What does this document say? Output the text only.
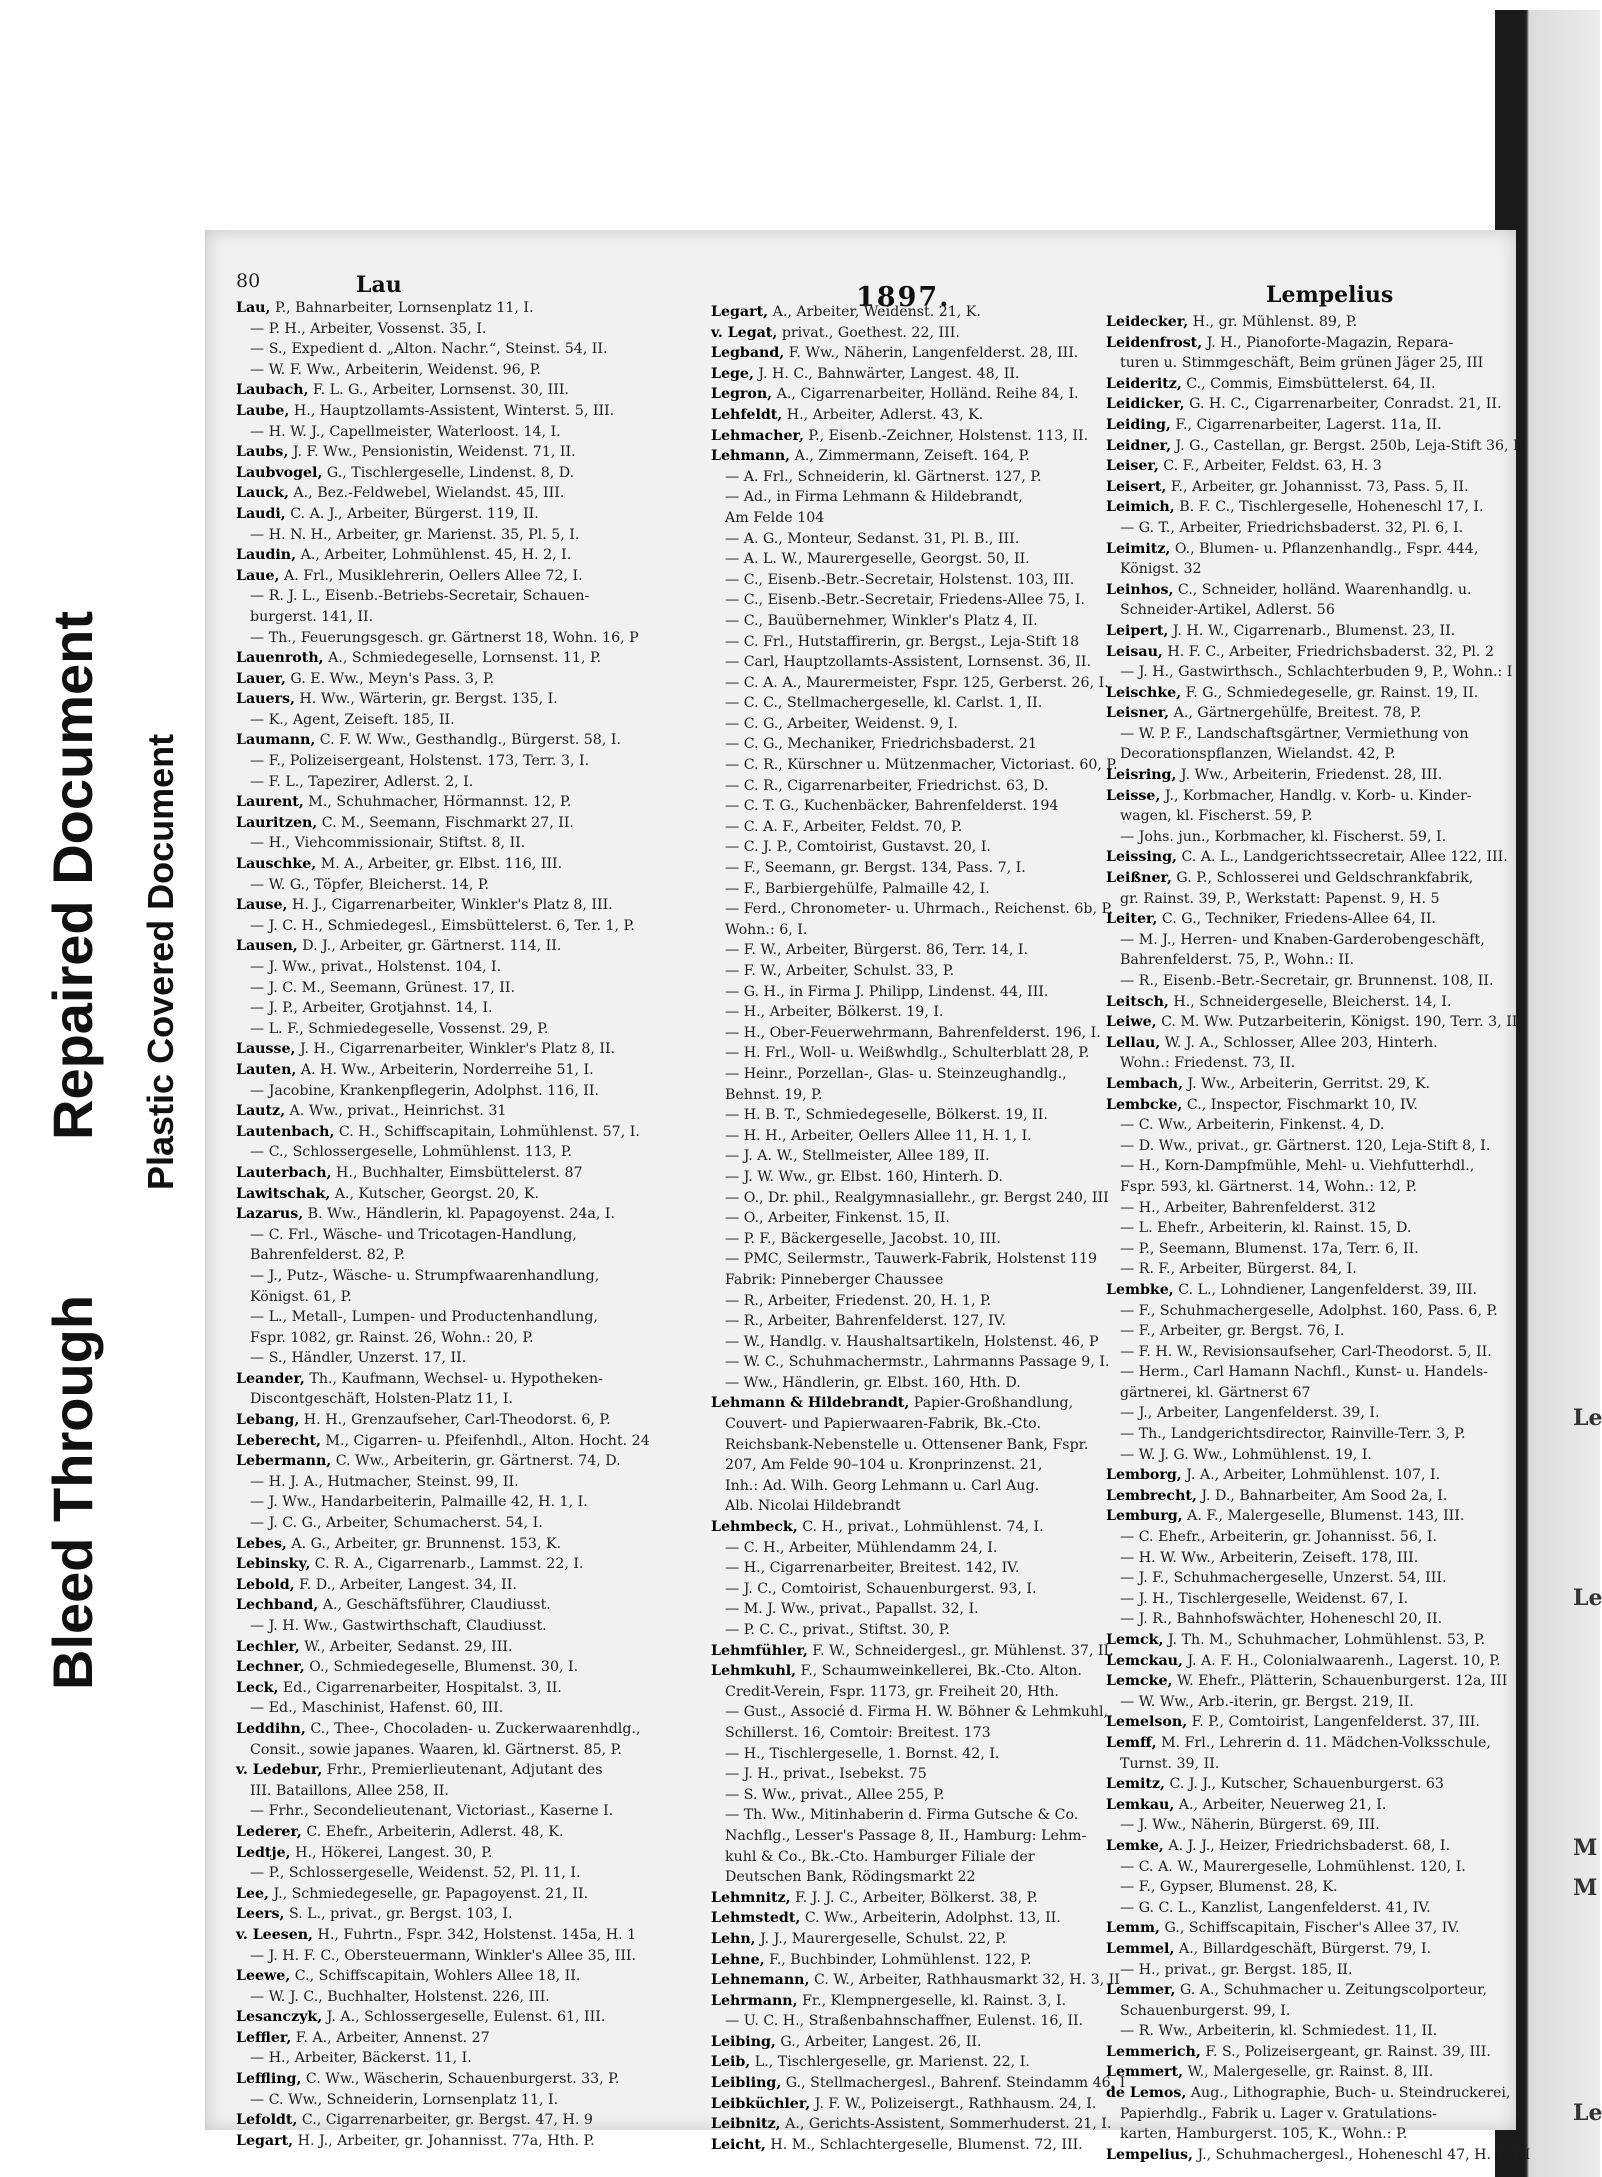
Le
Le
M
M
Le
Bleed Through
Repaired Document Plastic Covered Document
80	Lau	1897.	Lempelius
Lau, P., Bahnarbeiter, Lornsenplatz 11, I.
— P. H., Arbeiter, Vossenst. 35, I.
— S., Expedient d. „Alton. Nachr.“, Steinst. 54, II.
— W. F. Ww., Arbeiterin, Weidenst. 96, P.
Laubach, F. L. G., Arbeiter, Lornsenst. 30, III.
Laube, H., Hauptzollamts-Assistent, Winterst. 5, III.
— H. W. J., Capellmeister, Waterloost. 14, I.
Laubs, J. F. Ww., Pensionistin, Weidenst. 71, II.
Laubvogel, G., Tischlergeselle, Lindenst. 8, D.
Lauck, A., Bez.-Feldwebel, Wielandst. 45, III.
Laudi, C. A. J., Arbeiter, Bürgerst. 119, II.
— H. N. H., Arbeiter, gr. Marienst. 35, Pl. 5, I.
Laudin, A., Arbeiter, Lohmühlenst. 45, H. 2, I.
Laue, A. Frl., Musiklehrerin, Oellers Allee 72, I.
— R. J. L., Eisenb.-Betriebs-Secretair, Schauen-
burgerst. 141, II.
— Th., Feuerungsgesch. gr. Gärtnerst 18, Wohn. 16, P
Lauenroth, A., Schmiedegeselle, Lornsenst. 11, P.
Lauer, G. E. Ww., Meyn's Pass. 3, P.
Lauers, H. Ww., Wärterin, gr. Bergst. 135, I.
— K., Agent, Zeiseft. 185, II.
Laumann, C. F. W. Ww., Gesthandlg., Bürgerst. 58, I.
— F., Polizeisergeant, Holstenst. 173, Terr. 3, I.
— F. L., Tapezirer, Adlerst. 2, I.
Laurent, M., Schuhmacher, Hörmannst. 12, P.
Lauritzen, C. M., Seemann, Fischmarkt 27, II.
— H., Viehcommissionair, Stiftst. 8, II.
Lauschke, M. A., Arbeiter, gr. Elbst. 116, III.
— W. G., Töpfer, Bleicherst. 14, P.
Lause, H. J., Cigarrenarbeiter, Winkler's Platz 8, III.
— J. C. H., Schmiedegesl., Eimsbüttelerst. 6, Ter. 1, P.
Lausen, D. J., Arbeiter, gr. Gärtnerst. 114, II.
— J. Ww., privat., Holstenst. 104, I.
— J. C. M., Seemann, Grünest. 17, II.
— J. P., Arbeiter, Grotjahnst. 14, I.
— L. F., Schmiedegeselle, Vossenst. 29, P.
Lausse, J. H., Cigarrenarbeiter, Winkler's Platz 8, II.
Lauten, A. H. Ww., Arbeiterin, Norderreihe 51, I.
— Jacobine, Krankenpflegerin, Adolphst. 116, II.
Lautz, A. Ww., privat., Heinrichst. 31
Lautenbach, C. H., Schiffscapitain, Lohmühlenst. 57, I.
— C., Schlossergeselle, Lohmühlenst. 113, P.
Lauterbach, H., Buchhalter, Eimsbüttelerst. 87
Lawitschak, A., Kutscher, Georgst. 20, K.
Lazarus, B. Ww., Händlerin, kl. Papagoyenst. 24a, I.
— C. Frl., Wäsche- und Tricotagen-Handlung,
Bahrenfelderst. 82, P.
— J., Putz-, Wäsche- u. Strumpfwaarenhandlung,
Königst. 61, P.
— L., Metall-, Lumpen- und Productenhandlung,
Fspr. 1082, gr. Rainst. 26, Wohn.: 20, P.
— S., Händler, Unzerst. 17, II.
Leander, Th., Kaufmann, Wechsel- u. Hypotheken-
Discontgeschäft, Holsten-Platz 11, I.
Lebang, H. H., Grenzaufseher, Carl-Theodorst. 6, P.
Leberecht, M., Cigarren- u. Pfeifenhdl., Alton. Hocht. 24
Lebermann, C. Ww., Arbeiterin, gr. Gärtnerst. 74, D.
— H. J. A., Hutmacher, Steinst. 99, II.
— J. Ww., Handarbeiterin, Palmaille 42, H. 1, I.
— J. C. G., Arbeiter, Schumacherst. 54, I.
Lebes, A. G., Arbeiter, gr. Brunnenst. 153, K.
Lebinsky, C. R. A., Cigarrenarb., Lammst. 22, I.
Lebold, F. D., Arbeiter, Langest. 34, II.
Lechband, A., Geschäftsführer, Claudiusst.
— J. H. Ww., Gastwirthschaft, Claudiusst.
Lechler, W., Arbeiter, Sedanst. 29, III.
Lechner, O., Schmiedegeselle, Blumenst. 30, I.
Leck, Ed., Cigarrenarbeiter, Hospitalst. 3, II.
— Ed., Maschinist, Hafenst. 60, III.
Leddihn, C., Thee-, Chocoladen- u. Zuckerwaarenhdlg.,
Consit., sowie japanes. Waaren, kl. Gärtnerst. 85, P.
v. Ledebur, Frhr., Premierlieutenant, Adjutant des
III. Bataillons, Allee 258, II.
— Frhr., Secondelieutenant, Victoriast., Kaserne I.
Lederer, C. Ehefr., Arbeiterin, Adlerst. 48, K.
Ledtje, H., Hökerei, Langest. 30, P.
— P., Schlossergeselle, Weidenst. 52, Pl. 11, I.
Lee, J., Schmiedegeselle, gr. Papagoyenst. 21, II.
Leers, S. L., privat., gr. Bergst. 103, I.
v. Leesen, H., Fuhrtn., Fspr. 342, Holstenst. 145a, H. 1
— J. H. F. C., Obersteuermann, Winkler's Allee 35, III.
Leewe, C., Schiffscapitain, Wohlers Allee 18, II.
— W. J. C., Buchhalter, Holstenst. 226, III.
Lesanczyk, J. A., Schlossergeselle, Eulenst. 61, III.
Leffler, F. A., Arbeiter, Annenst. 27
— H., Arbeiter, Bäckerst. 11, I.
Leffling, C. Ww., Wäscherin, Schauenburgerst. 33, P.
— C. Ww., Schneiderin, Lornsenplatz 11, I.
Lefoldt, C., Cigarrenarbeiter, gr. Bergst. 47, H. 9
Legart, H. J., Arbeiter, gr. Johannisst. 77a, Hth. P.
Legart, A., Arbeiter, Weidenst. 21, K.
v. Legat, privat., Goethest. 22, III.
Legband, F. Ww., Näherin, Langenfelderst. 28, III.
Lege, J. H. C., Bahnwärter, Langest. 48, II.
Legron, A., Cigarrenarbeiter, Holländ. Reihe 84, I.
Lehfeldt, H., Arbeiter, Adlerst. 43, K.
Lehmacher, P., Eisenb.-Zeichner, Holstenst. 113, II.
Lehmann, A., Zimmermann, Zeiseft. 164, P.
— A. Frl., Schneiderin, kl. Gärtnerst. 127, P.
— Ad., in Firma Lehmann & Hildebrandt,
Am Felde 104
— A. G., Monteur, Sedanst. 31, Pl. B., III.
— A. L. W., Maurergeselle, Georgst. 50, II.
— C., Eisenb.-Betr.-Secretair, Holstenst. 103, III.
— C., Eisenb.-Betr.-Secretair, Friedens-Allee 75, I.
— C., Bauübernehmer, Winkler's Platz 4, II.
— C. Frl., Hutstaffirerin, gr. Bergst., Leja-Stift 18
— Carl, Hauptzollamts-Assistent, Lornsenst. 36, II.
— C. A. A., Maurermeister, Fspr. 125, Gerberst. 26, I.
— C. C., Stellmachergeselle, kl. Carlst. 1, II.
— C. G., Arbeiter, Weidenst. 9, I.
— C. G., Mechaniker, Friedrichsbaderst. 21
— C. R., Kürschner u. Mützenmacher, Victoriast. 60, P.
— C. R., Cigarrenarbeiter, Friedrichst. 63, D.
— C. T. G., Kuchenbäcker, Bahrenfelderst. 194
— C. A. F., Arbeiter, Feldst. 70, P.
— C. J. P., Comtoirist, Gustavst. 20, I.
— F., Seemann, gr. Bergst. 134, Pass. 7, I.
— F., Barbiergehülfe, Palmaille 42, I.
— Ferd., Chronometer- u. Uhrmach., Reichenst. 6b, P,
Wohn.: 6, I.
— F. W., Arbeiter, Bürgerst. 86, Terr. 14, I.
— F. W., Arbeiter, Schulst. 33, P.
— G. H., in Firma J. Philipp, Lindenst. 44, III.
— H., Arbeiter, Bölkerst. 19, I.
— H., Ober-Feuerwehrmann, Bahrenfelderst. 196, I.
— H. Frl., Woll- u. Weißwhdlg., Schulterblatt 28, P.
— Heinr., Porzellan-, Glas- u. Steinzeughandlg.,
Behnst. 19, P.
— H. B. T., Schmiedegeselle, Bölkerst. 19, II.
— H. H., Arbeiter, Oellers Allee 11, H. 1, I.
— J. A. W., Stellmeister, Allee 189, II.
— J. W. Ww., gr. Elbst. 160, Hinterh. D.
— O., Dr. phil., Realgymnasiallehr., gr. Bergst 240, III
— O., Arbeiter, Finkenst. 15, II.
— P. F., Bäckergeselle, Jacobst. 10, III.
— PMC, Seilermstr., Tauwerk-Fabrik, Holstenst 119
Fabrik: Pinneberger Chaussee
— R., Arbeiter, Friedenst. 20, H. 1, P.
— R., Arbeiter, Bahrenfelderst. 127, IV.
— W., Handlg. v. Haushaltsartikeln, Holstenst. 46, P
— W. C., Schuhmachermstr., Lahrmanns Passage 9, I.
— Ww., Händlerin, gr. Elbst. 160, Hth. D.
Lehmann & Hildebrandt, Papier-Großhandlung,
Couvert- und Papierwaaren-Fabrik, Bk.-Cto.
Reichsbank-Nebenstelle u. Ottensener Bank, Fspr.
207, Am Felde 90–104 u. Kronprinzenst. 21,
Inh.: Ad. Wilh. Georg Lehmann u. Carl Aug.
Alb. Nicolai Hildebrandt
Lehmbeck, C. H., privat., Lohmühlenst. 74, I.
— C. H., Arbeiter, Mühlendamm 24, I.
— H., Cigarrenarbeiter, Breitest. 142, IV.
— J. C., Comtoirist, Schauenburgerst. 93, I.
— M. J. Ww., privat., Papallst. 32, I.
— P. C. C., privat., Stiftst. 30, P.
Lehmfühler, F. W., Schneidergesl., gr. Mühlenst. 37, II.
Lehmkuhl, F., Schaumweinkellerei, Bk.-Cto. Alton.
Credit-Verein, Fspr. 1173, gr. Freiheit 20, Hth.
— Gust., Associé d. Firma H. W. Böhner & Lehmkuhl,
Schillerst. 16, Comtoir: Breitest. 173
— H., Tischlergeselle, 1. Bornst. 42, I.
— J. H., privat., Isebekst. 75
— S. Ww., privat., Allee 255, P.
— Th. Ww., Mitinhaberin d. Firma Gutsche & Co.
Nachflg., Lesser's Passage 8, II., Hamburg: Lehm-
kuhl & Co., Bk.-Cto. Hamburger Filiale der
Deutschen Bank, Rödingsmarkt 22
Lehmnitz, F. J. J. C., Arbeiter, Bölkerst. 38, P.
Lehmstedt, C. Ww., Arbeiterin, Adolphst. 13, II.
Lehn, J. J., Maurergeselle, Schulst. 22, P.
Lehne, F., Buchbinder, Lohmühlenst. 122, P.
Lehnemann, C. W., Arbeiter, Rathhausmarkt 32, H. 3, II
Lehrmann, Fr., Klempnergeselle, kl. Rainst. 3, I.
— U. C. H., Straßenbahnschaffner, Eulenst. 16, II.
Leibing, G., Arbeiter, Langest. 26, II.
Leib, L., Tischlergeselle, gr. Marienst. 22, I.
Leibling, G., Stellmachergesl., Bahrenf. Steindamm 46, I
Leibküchler, J. F. W., Polizeisergt., Rathhausm. 24, I.
Leibnitz, A., Gerichts-Assistent, Sommerhuderst. 21, I.
Leicht, H. M., Schlachtergeselle, Blumenst. 72, III.
Leidecker, H., gr. Mühlenst. 89, P.
Leidenfrost, J. H., Pianoforte-Magazin, Repara-
turen u. Stimmgeschäft, Beim grünen Jäger 25, III
Leideritz, C., Commis, Eimsbüttelerst. 64, II.
Leidicker, G. H. C., Cigarrenarbeiter, Conradst. 21, II.
Leiding, F., Cigarrenarbeiter, Lagerst. 11a, II.
Leidner, J. G., Castellan, gr. Bergst. 250b, Leja-Stift 36, P
Leiser, C. F., Arbeiter, Feldst. 63, H. 3
Leisert, F., Arbeiter, gr. Johannisst. 73, Pass. 5, II.
Leimich, B. F. C., Tischlergeselle, Hoheneschl 17, I.
— G. T., Arbeiter, Friedrichsbaderst. 32, Pl. 6, I.
Leimitz, O., Blumen- u. Pflanzenhandlg., Fspr. 444,
Königst. 32
Leinhos, C., Schneider, holländ. Waarenhandlg. u.
Schneider-Artikel, Adlerst. 56
Leipert, J. H. W., Cigarrenarb., Blumenst. 23, II.
Leisau, H. F. C., Arbeiter, Friedrichsbaderst. 32, Pl. 2
— J. H., Gastwirthsch., Schlachterbuden 9, P., Wohn.: I
Leischke, F. G., Schmiedegeselle, gr. Rainst. 19, II.
Leisner, A., Gärtnergehülfe, Breitest. 78, P.
— W. P. F., Landschaftsgärtner, Vermiethung von
Decorationspflanzen, Wielandst. 42, P.
Leisring, J. Ww., Arbeiterin, Friedenst. 28, III.
Leisse, J., Korbmacher, Handlg. v. Korb- u. Kinder-
wagen, kl. Fischerst. 59, P.
— Johs. jun., Korbmacher, kl. Fischerst. 59, I.
Leissing, C. A. L., Landgerichtssecretair, Allee 122, III.
Leißner, G. P., Schlosserei und Geldschrankfabrik,
gr. Rainst. 39, P., Werkstatt: Papenst. 9, H. 5
Leiter, C. G., Techniker, Friedens-Allee 64, II.
— M. J., Herren- und Knaben-Garderobengeschäft,
Bahrenfelderst. 75, P., Wohn.: II.
— R., Eisenb.-Betr.-Secretair, gr. Brunnenst. 108, II.
Leitsch, H., Schneidergeselle, Bleicherst. 14, I.
Leiwe, C. M. Ww. Putzarbeiterin, Königst. 190, Terr. 3, II
Lellau, W. J. A., Schlosser, Allee 203, Hinterh.
Wohn.: Friedenst. 73, II.
Lembach, J. Ww., Arbeiterin, Gerritst. 29, K.
Lembcke, C., Inspector, Fischmarkt 10, IV.
— C. Ww., Arbeiterin, Finkenst. 4, D.
— D. Ww., privat., gr. Gärtnerst. 120, Leja-Stift 8, I.
— H., Korn-Dampfmühle, Mehl- u. Viehfutterhdl.,
Fspr. 593, kl. Gärtnerst. 14, Wohn.: 12, P.
— H., Arbeiter, Bahrenfelderst. 312
— L. Ehefr., Arbeiterin, kl. Rainst. 15, D.
— P., Seemann, Blumenst. 17a, Terr. 6, II.
— R. F., Arbeiter, Bürgerst. 84, I.
Lembke, C. L., Lohndiener, Langenfelderst. 39, III.
— F., Schuhmachergeselle, Adolphst. 160, Pass. 6, P.
— F., Arbeiter, gr. Bergst. 76, I.
— F. H. W., Revisionsaufseher, Carl-Theodorst. 5, II.
— Herm., Carl Hamann Nachfl., Kunst- u. Handels-
gärtnerei, kl. Gärtnerst 67
— J., Arbeiter, Langenfelderst. 39, I.
— Th., Landgerichtsdirector, Rainville-Terr. 3, P.
— W. J. G. Ww., Lohmühlenst. 19, I.
Lemborg, J. A., Arbeiter, Lohmühlenst. 107, I.
Lembrecht, J. D., Bahnarbeiter, Am Sood 2a, I.
Lemburg, A. F., Malergeselle, Blumenst. 143, III.
— C. Ehefr., Arbeiterin, gr. Johannisst. 56, I.
— H. W. Ww., Arbeiterin, Zeiseft. 178, III.
— J. F., Schuhmachergeselle, Unzerst. 54, III.
— J. H., Tischlergeselle, Weidenst. 67, I.
— J. R., Bahnhofswächter, Hoheneschl 20, II.
Lemck, J. Th. M., Schuhmacher, Lohmühlenst. 53, P.
Lemckau, J. A. F. H., Colonialwaarenh., Lagerst. 10, P.
Lemcke, W. Ehefr., Plätterin, Schauenburgerst. 12a, III
— W. Ww., Arb.-iterin, gr. Bergst. 219, II.
Lemelson, F. P., Comtoirist, Langenfelderst. 37, III.
Lemff, M. Frl., Lehrerin d. 11. Mädchen-Volksschule,
Turnst. 39, II.
Lemitz, C. J. J., Kutscher, Schauenburgerst. 63
Lemkau, A., Arbeiter, Neuerweg 21, I.
— J. Ww., Näherin, Bürgerst. 69, III.
Lemke, A. J. J., Heizer, Friedrichsbaderst. 68, I.
— C. A. W., Maurergeselle, Lohmühlenst. 120, I.
— F., Gypser, Blumenst. 28, K.
— G. C. L., Kanzlist, Langenfelderst. 41, IV.
Lemm, G., Schiffscapitain, Fischer's Allee 37, IV.
Lemmel, A., Billardgeschäft, Bürgerst. 79, I.
— H., privat., gr. Bergst. 185, II.
Lemmer, G. A., Schuhmacher u. Zeitungscolporteur,
Schauenburgerst. 99, I.
— R. Ww., Arbeiterin, kl. Schmiedest. 11, II.
Lemmerich, F. S., Polizeisergeant, gr. Rainst. 39, III.
Lemmert, W., Malergeselle, gr. Rainst. 8, III.
de Lemos, Aug., Lithographie, Buch- u. Steindruckerei,
Papierhdlg., Fabrik u. Lager v. Gratulations-
karten, Hamburgerst. 105, K., Wohn.: P.
Lempelius, J., Schuhmachergesl., Hoheneschl 47, H. 1, III
